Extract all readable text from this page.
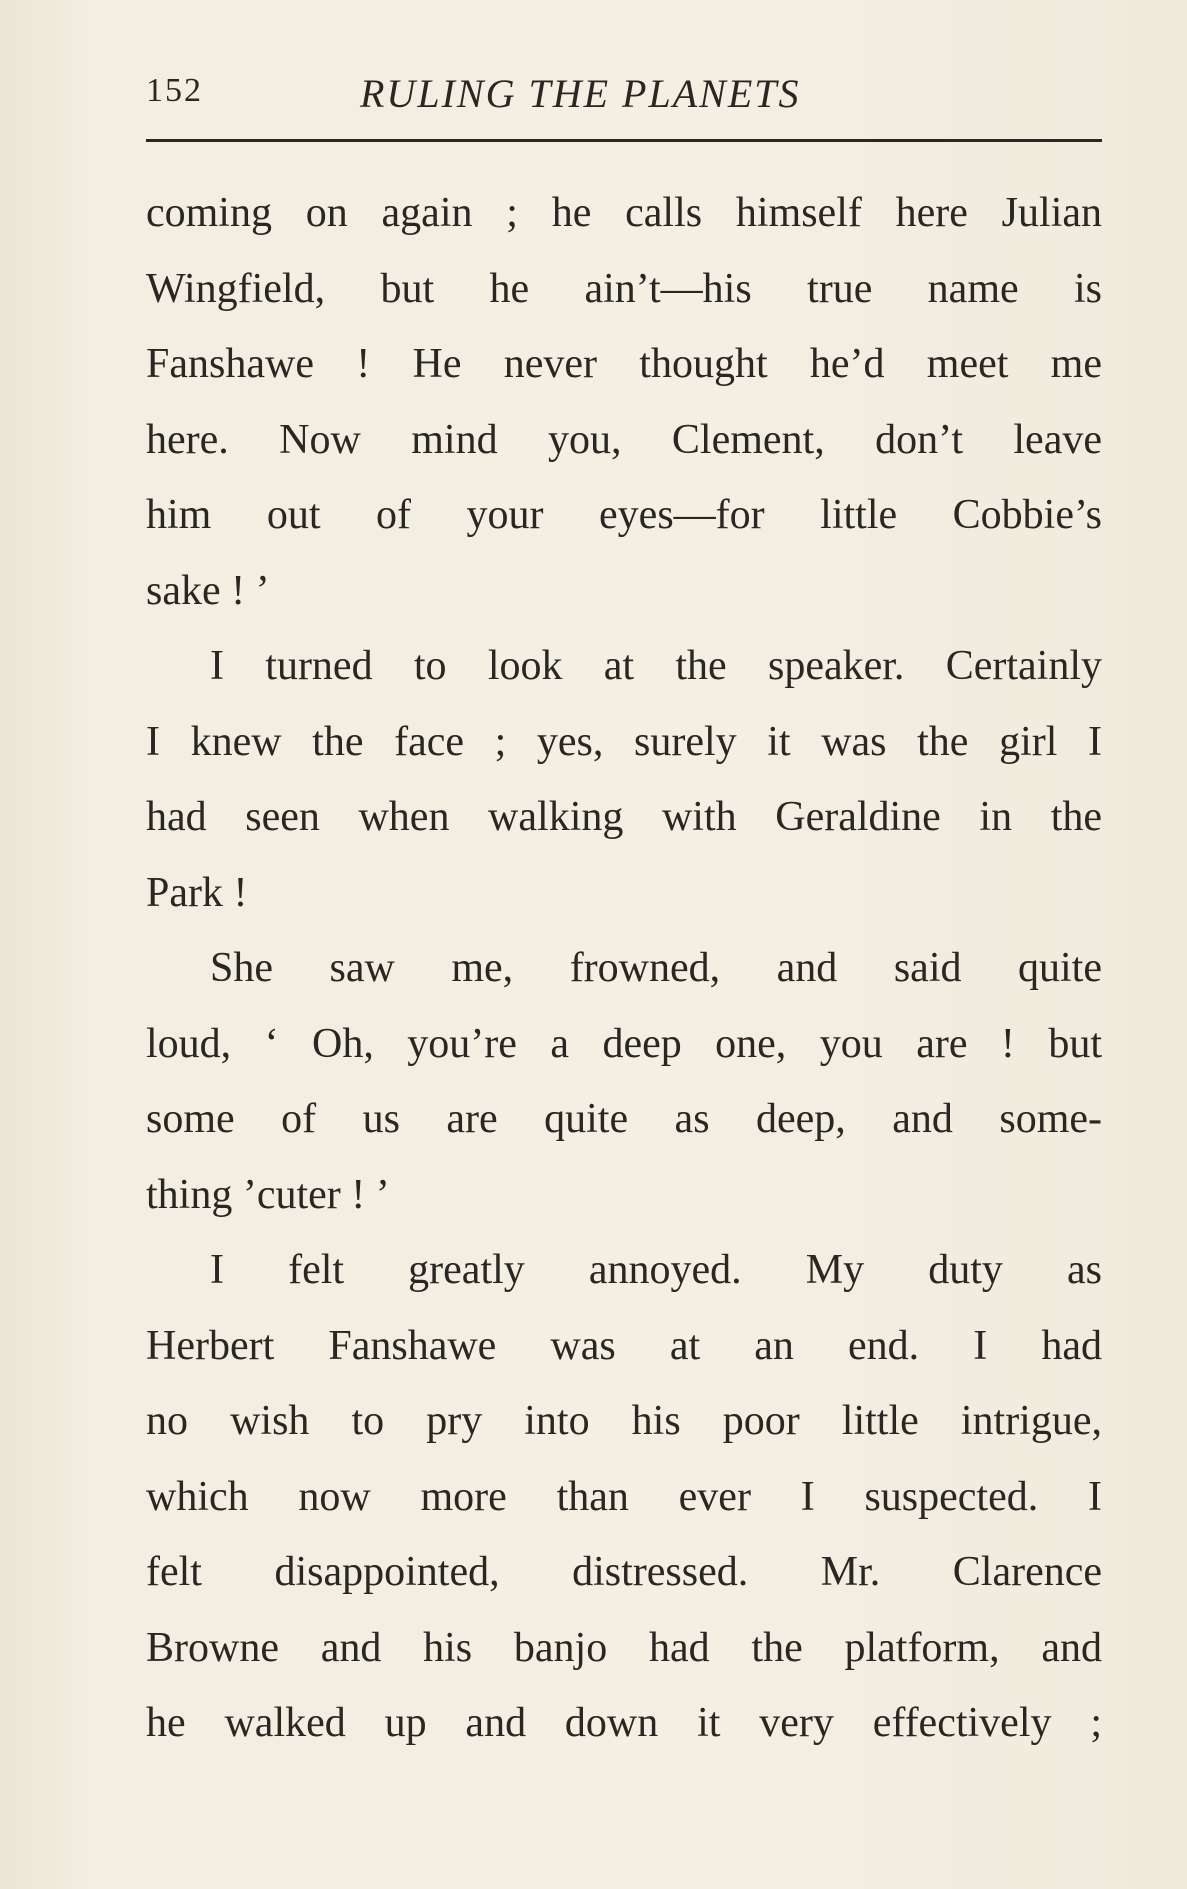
152	RULING THE PLANETS
coming on again ; he calls himself here Julian
Wingfield, but he ain’t—his true name is
Fanshawe ! He never thought he’d meet me
here. Now mind you, Clement, don’t leave
him out of your eyes—for little Cobbie’s
sake ! ’
I turned to look at the speaker. Certainly
I knew the face ; yes, surely it was the girl I
had seen when walking with Geraldine in the
Park !
She saw me, frowned, and said quite
loud, ‘ Oh, you’re a deep one, you are ! but
some of us are quite as deep, and some-
thing ’cuter ! ’
I felt greatly annoyed. My duty as
Herbert Fanshawe was at an end. I had
no wish to pry into his poor little intrigue,
which now more than ever I suspected. I
felt disappointed, distressed. Mr. Clarence
Browne and his banjo had the platform, and
he walked up and down it very effectively ;
